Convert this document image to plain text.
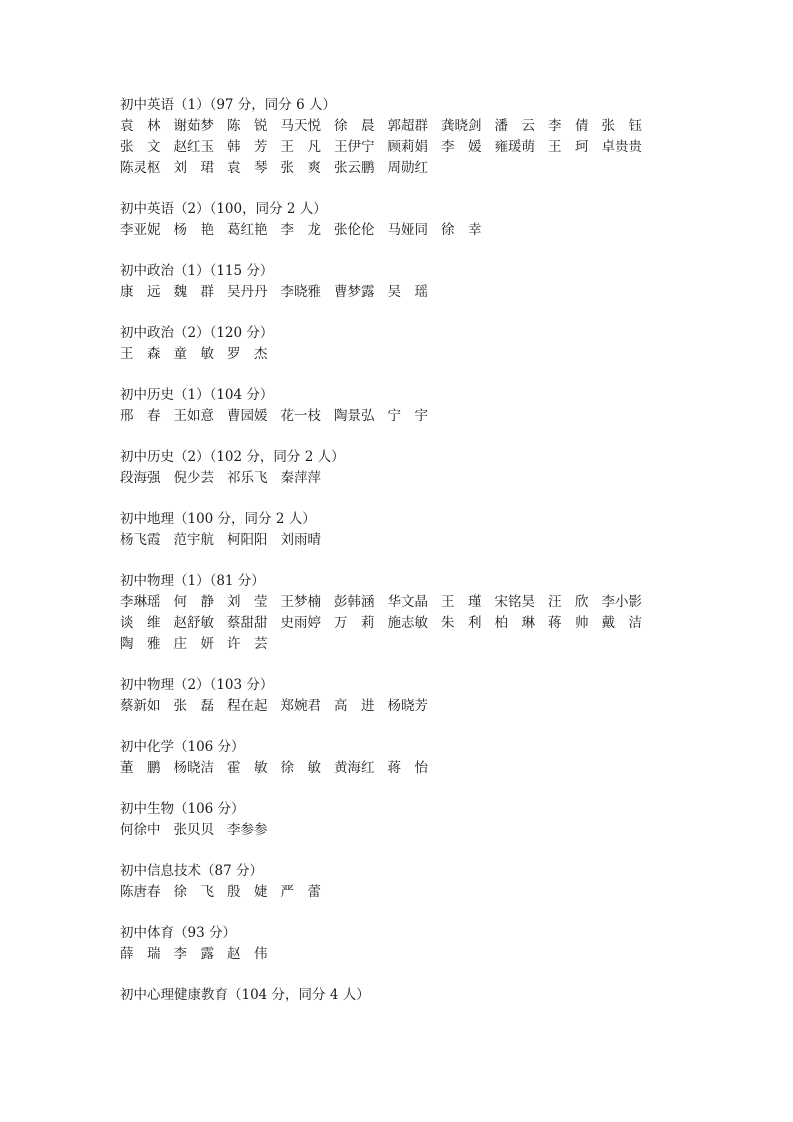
初中英语（1）（97 分，同分 6 人）
袁　林 谢茹梦 陈　锐 马天悦 徐　晨 郭超群 龚晓剑 潘　云 李　倩 张　钰
张　文 赵红玉 韩　芳 王　凡 王伊宁 顾莉娟 李　媛 雍瑗萌 王　珂 卓贵贵
陈灵枢 刘　珺 袁　琴 张　爽 张云鹏 周勋红
初中英语（2）（100，同分 2 人）
李亚妮 杨　艳 葛红艳 李　龙 张伦伦 马娅同 徐　幸
初中政治（1）（115 分）
康　远 魏　群 吴丹丹 李晓雅 曹梦露 吴　瑶
初中政治（2）（120 分）
王　森 童　敏 罗　杰
初中历史（1）（104 分）
邢　春 王如意 曹园媛 花一枝 陶景弘 宁　宇
初中历史（2）（102 分，同分 2 人）
段海强 倪少芸 祁乐飞 秦萍萍
初中地理（100 分，同分 2 人）
杨飞霞 范宇航 柯阳阳 刘雨晴
初中物理（1）（81 分）
李琳瑶 何　静 刘　莹 王梦楠 彭韩涵 华文晶 王　瑾 宋铭昊 汪　欣 李小影
谈　维 赵舒敏 蔡甜甜 史雨婷 万　莉 施志敏 朱　利 柏　琳 蒋　帅 戴　洁
陶　雅 庄　妍 许　芸
初中物理（2）（103 分）
蔡新如 张　磊 程在起 郑婉君 高　进 杨晓芳
初中化学（106 分）
董　鹏 杨晓洁 霍　敏 徐　敏 黄海红 蒋　怡
初中生物（106 分）
何徐中 张贝贝 李参参
初中信息技术（87 分）
陈唐春 徐　飞 殷　婕 严　蕾
初中体育（93 分）
薛　瑞 李　露 赵　伟
初中心理健康教育（104 分，同分 4 人）
